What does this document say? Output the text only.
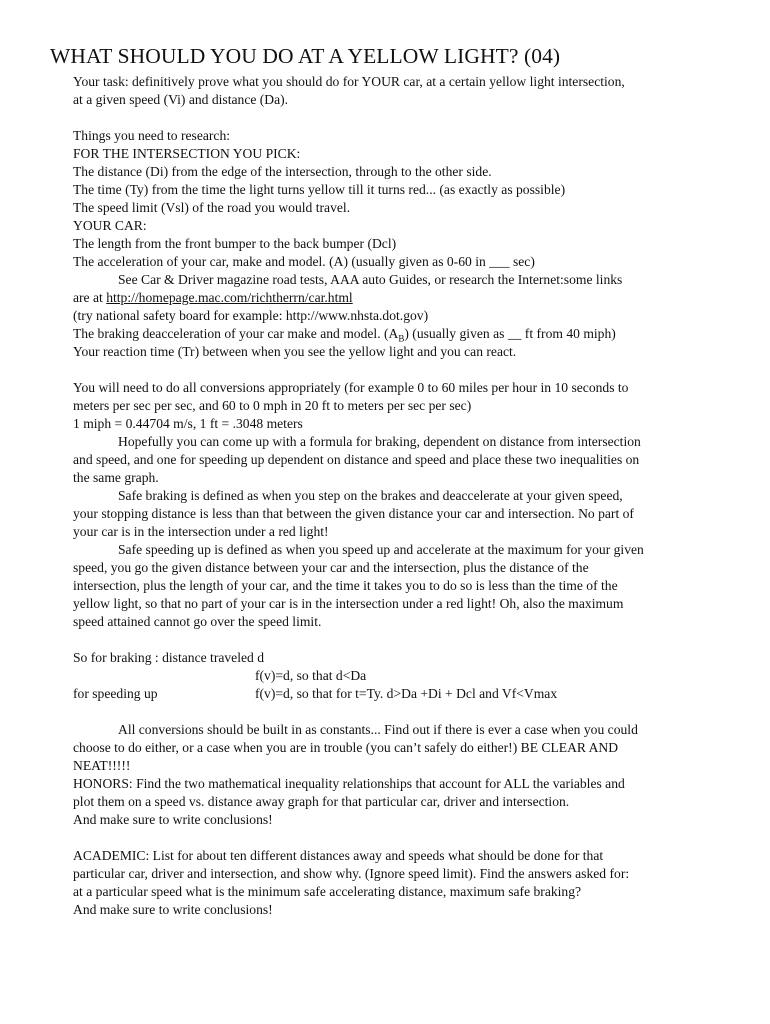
WHAT SHOULD YOU DO AT A YELLOW LIGHT? (04)
Your task: definitively prove what you should do for YOUR car, at a certain yellow light intersection,
at a given speed (Vi) and distance (Da).
Things you need to research:
FOR THE INTERSECTION YOU PICK:
The distance (Di) from the edge of the intersection, through to the other side.
The time (Ty) from the time the light turns yellow till it turns red... (as exactly as possible)
The speed limit (Vsl) of the road you would travel.
YOUR CAR:
The length from the front bumper to the back bumper (Dcl)
The acceleration of your car, make and model. (A) (usually given as 0-60 in ___ sec)
See Car & Driver magazine road tests, AAA auto Guides, or research the Internet:some links
are at http://homepage.mac.com/richtherrn/car.html
(try national safety board for example: http://www.nhsta.dot.gov)
The braking deacceleration of your car make and model. $(A_B)$ (usually given as __ ft from 40 miph)
Your reaction time (Tr) between when you see the yellow light and you can react.
You will need to do all conversions appropriately (for example 0 to 60 miles per hour in 10 seconds to
meters per sec per sec, and 60 to 0 mph in 20 ft to meters per sec per sec)
1 miph = 0.44704 m/s, 1 ft = .3048 meters
Hopefully you can come up with a formula for braking, dependent on distance from intersection
and speed, and one for speeding up dependent on distance and speed and place these two inequalities on
the same graph.
Safe braking is defined as when you step on the brakes and deaccelerate at your given speed,
your stopping distance is less than that between the given distance your car and intersection. No part of
your car is in the intersection under a red light!
Safe speeding up is defined as when you speed up and accelerate at the maximum for your given
speed, you go the given distance between your car and the intersection, plus the distance of the
intersection, plus the length of your car, and the time it takes you to do so is less than the time of the
yellow light, so that no part of your car is in the intersection under a red light! Oh, also the maximum
speed attained cannot go over the speed limit.
So for braking : distance traveled d
f(v)=d, so that d<Da
for speeding up	f(v)=d, so that for t=Ty. d>Da +Di + Dcl and Vf<Vmax
All conversions should be built in as constants... Find out if there is ever a case when you could
choose to do either, or a case when you are in trouble (you can’t safely do either!) BE CLEAR AND
NEAT!!!!!
HONORS: Find the two mathematical inequality relationships that account for ALL the variables and
plot them on a speed vs. distance away graph for that particular car, driver and intersection.
And make sure to write conclusions!
ACADEMIC: List for about ten different distances away and speeds what should be done for that
particular car, driver and intersection, and show why. (Ignore speed limit). Find the answers asked for:
at a particular speed what is the minimum safe accelerating distance, maximum safe braking?
And make sure to write conclusions!
